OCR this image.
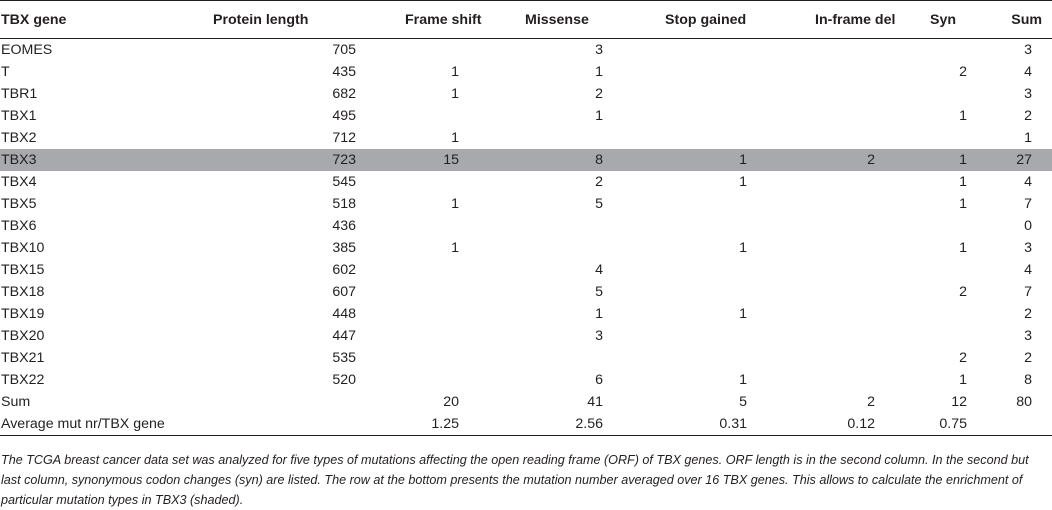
TBX gene	Protein length	Frame shift	Missense	Stop gained	In-frame del	Syn	Sum
EOMES	705		3				3
T	435	1	1			2	4
TBR1	682	1	2				3
TBX1	495		1			1	2
TBX2	712	1					1
TBX3	723	15	8	1	2	1	27
TBX4	545		2	1		1	4
TBX5	518	1	5			1	7
TBX6	436						0
TBX10	385	1		1		1	3
TBX15	602		4				4
TBX18	607		5			2	7
TBX19	448		1	1			2
TBX20	447		3				3
TBX21	535					2	2
TBX22	520		6	1		1	8
Sum		20	41	5	2	12	80
Average mut nr/TBX gene		1.25	2.56	0.31	0.12	0.75	
The TCGA breast cancer data set was analyzed for five types of mutations affecting the open reading frame (ORF) of TBX genes. ORF length is in the second column. In the second but last column, synonymous codon changes (syn) are listed. The row at the bottom presents the mutation number averaged over 16 TBX genes. This allows to calculate the enrichment of particular mutation types in TBX3 (shaded).
